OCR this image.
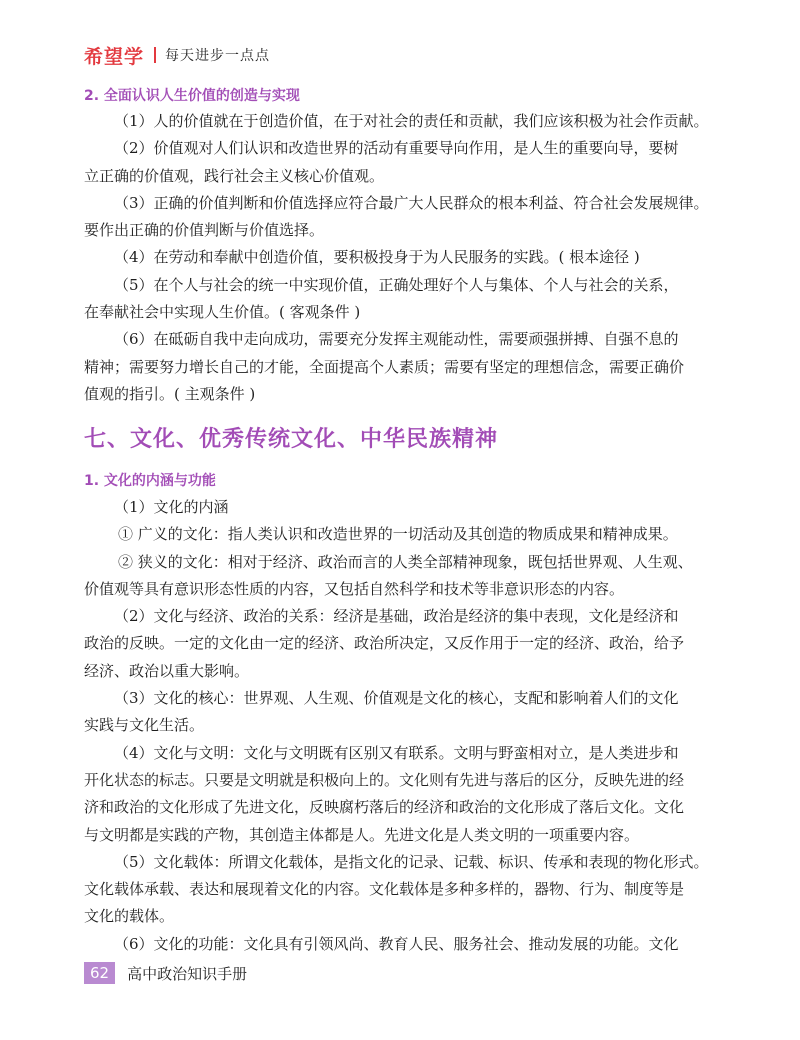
希望学 每天进步一点点
2. 全面认识人生价值的创造与实现
（1）人的价值就在于创造价值，在于对社会的责任和贡献，我们应该积极为社会作贡献。
（2）价值观对人们认识和改造世界的活动有重要导向作用，是人生的重要向导，要树
立正确的价值观，践行社会主义核心价值观。
（3）正确的价值判断和价值选择应符合最广大人民群众的根本利益、符合社会发展规律。
要作出正确的价值判断与价值选择。
（4）在劳动和奉献中创造价值，要积极投身于为人民服务的实践。( 根本途径 )
（5）在个人与社会的统一中实现价值，正确处理好个人与集体、个人与社会的关系，
在奉献社会中实现人生价值。( 客观条件 )
（6）在砥砺自我中走向成功，需要充分发挥主观能动性，需要顽强拼搏、自强不息的
精神；需要努力增长自己的才能，全面提高个人素质；需要有坚定的理想信念，需要正确价
值观的指引。( 主观条件 )
七、文化、优秀传统文化、中华民族精神
1. 文化的内涵与功能
（1）文化的内涵
① 广义的文化：指人类认识和改造世界的一切活动及其创造的物质成果和精神成果。
② 狭义的文化：相对于经济、政治而言的人类全部精神现象，既包括世界观、人生观、
价值观等具有意识形态性质的内容，又包括自然科学和技术等非意识形态的内容。
（2）文化与经济、政治的关系：经济是基础，政治是经济的集中表现，文化是经济和
政治的反映。一定的文化由一定的经济、政治所决定，又反作用于一定的经济、政治，给予
经济、政治以重大影响。
（3）文化的核心：世界观、人生观、价值观是文化的核心，支配和影响着人们的文化
实践与文化生活。
（4）文化与文明：文化与文明既有区别又有联系。文明与野蛮相对立，是人类进步和
开化状态的标志。只要是文明就是积极向上的。文化则有先进与落后的区分，反映先进的经
济和政治的文化形成了先进文化，反映腐朽落后的经济和政治的文化形成了落后文化。文化
与文明都是实践的产物，其创造主体都是人。先进文化是人类文明的一项重要内容。
（5）文化载体：所谓文化载体，是指文化的记录、记载、标识、传承和表现的物化形式。
文化载体承载、表达和展现着文化的内容。文化载体是多种多样的，器物、行为、制度等是
文化的载体。
（6）文化的功能：文化具有引领风尚、教育人民、服务社会、推动发展的功能。文化
62	高中政治知识手册
